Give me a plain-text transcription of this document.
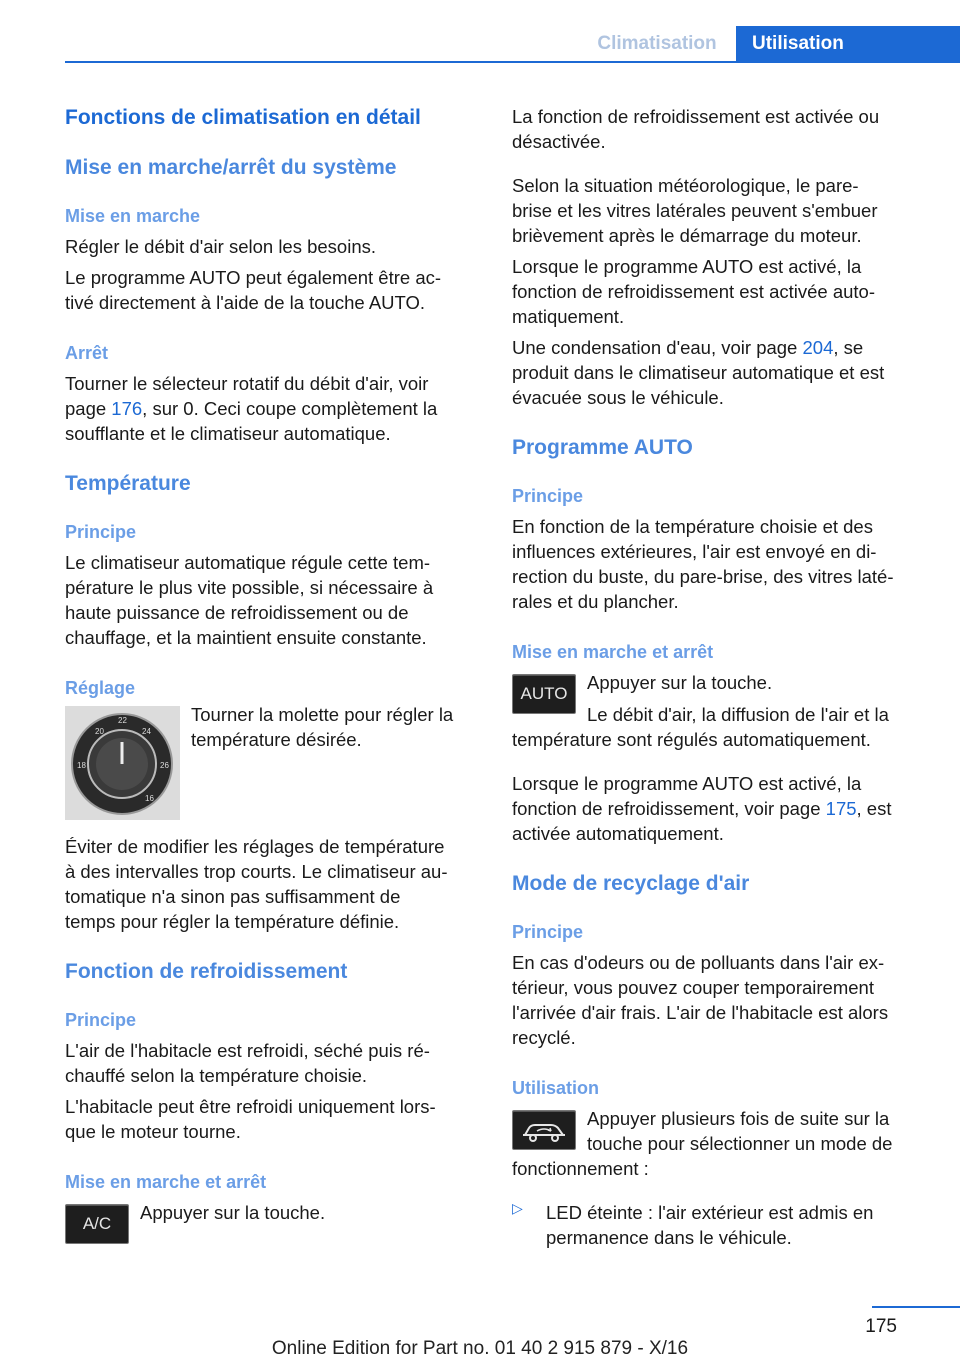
Climatisation	Utilisation
Fonctions de climatisation en détail
Mise en marche/arrêt du système
Mise en marche
Régler le débit d'air selon les besoins.
Le programme AUTO peut également être ac‐
tivé directement à l'aide de la touche AUTO.
Arrêt
Tourner le sélecteur rotatif du débit d'air, voir
page 176, sur 0. Ceci coupe complètement la
soufflante et le climatiseur automatique.
Température
Principe
Le climatiseur automatique régule cette tem‐
pérature le plus vite possible, si nécessaire à
haute puissance de refroidissement ou de
chauffage, et la maintient ensuite constante.
Réglage
20
22
24
18	26
16
Tourner la molette pour régler la
température désirée.
Éviter de modifier les réglages de température
à des intervalles trop courts. Le climatiseur au‐
tomatique n'a sinon pas suffisamment de
temps pour régler la température définie.
Fonction de refroidissement
Principe
L'air de l'habitacle est refroidi, séché puis ré‐
chauffé selon la température choisie.
L'habitacle peut être refroidi uniquement lors‐
que le moteur tourne.
Mise en marche et arrêt
A/C
Appuyer sur la touche.
La fonction de refroidissement est activée ou
désactivée.
Selon la situation météorologique, le pare-
brise et les vitres latérales peuvent s'embuer
brièvement après le démarrage du moteur.
Lorsque le programme AUTO est activé, la
fonction de refroidissement est activée auto‐
matiquement.
Une condensation d'eau, voir page 204, se
produit dans le climatiseur automatique et est
évacuée sous le véhicule.
Programme AUTO
Principe
En fonction de la température choisie et des
influences extérieures, l'air est envoyé en di‐
rection du buste, du pare-brise, des vitres laté‐
rales et du plancher.
Mise en marche et arrêt
AUTO
Appuyer sur la touche.
Le débit d'air, la diffusion de l'air et la
température sont régulés automatiquement.
Lorsque le programme AUTO est activé, la
fonction de refroidissement, voir page 175, est
activée automatiquement.
Mode de recyclage d'air
Principe
En cas d'odeurs ou de polluants dans l'air ex‐
térieur, vous pouvez couper temporairement
l'arrivée d'air frais. L'air de l'habitacle est alors
recyclé.
Utilisation
Appuyer plusieurs fois de suite sur la
touche pour sélectionner un mode de
fonctionnement :
▷ LED éteinte : l'air extérieur est admis en
permanence dans le véhicule.
175
Online Edition for Part no. 01 40 2 915 879 - X/16
